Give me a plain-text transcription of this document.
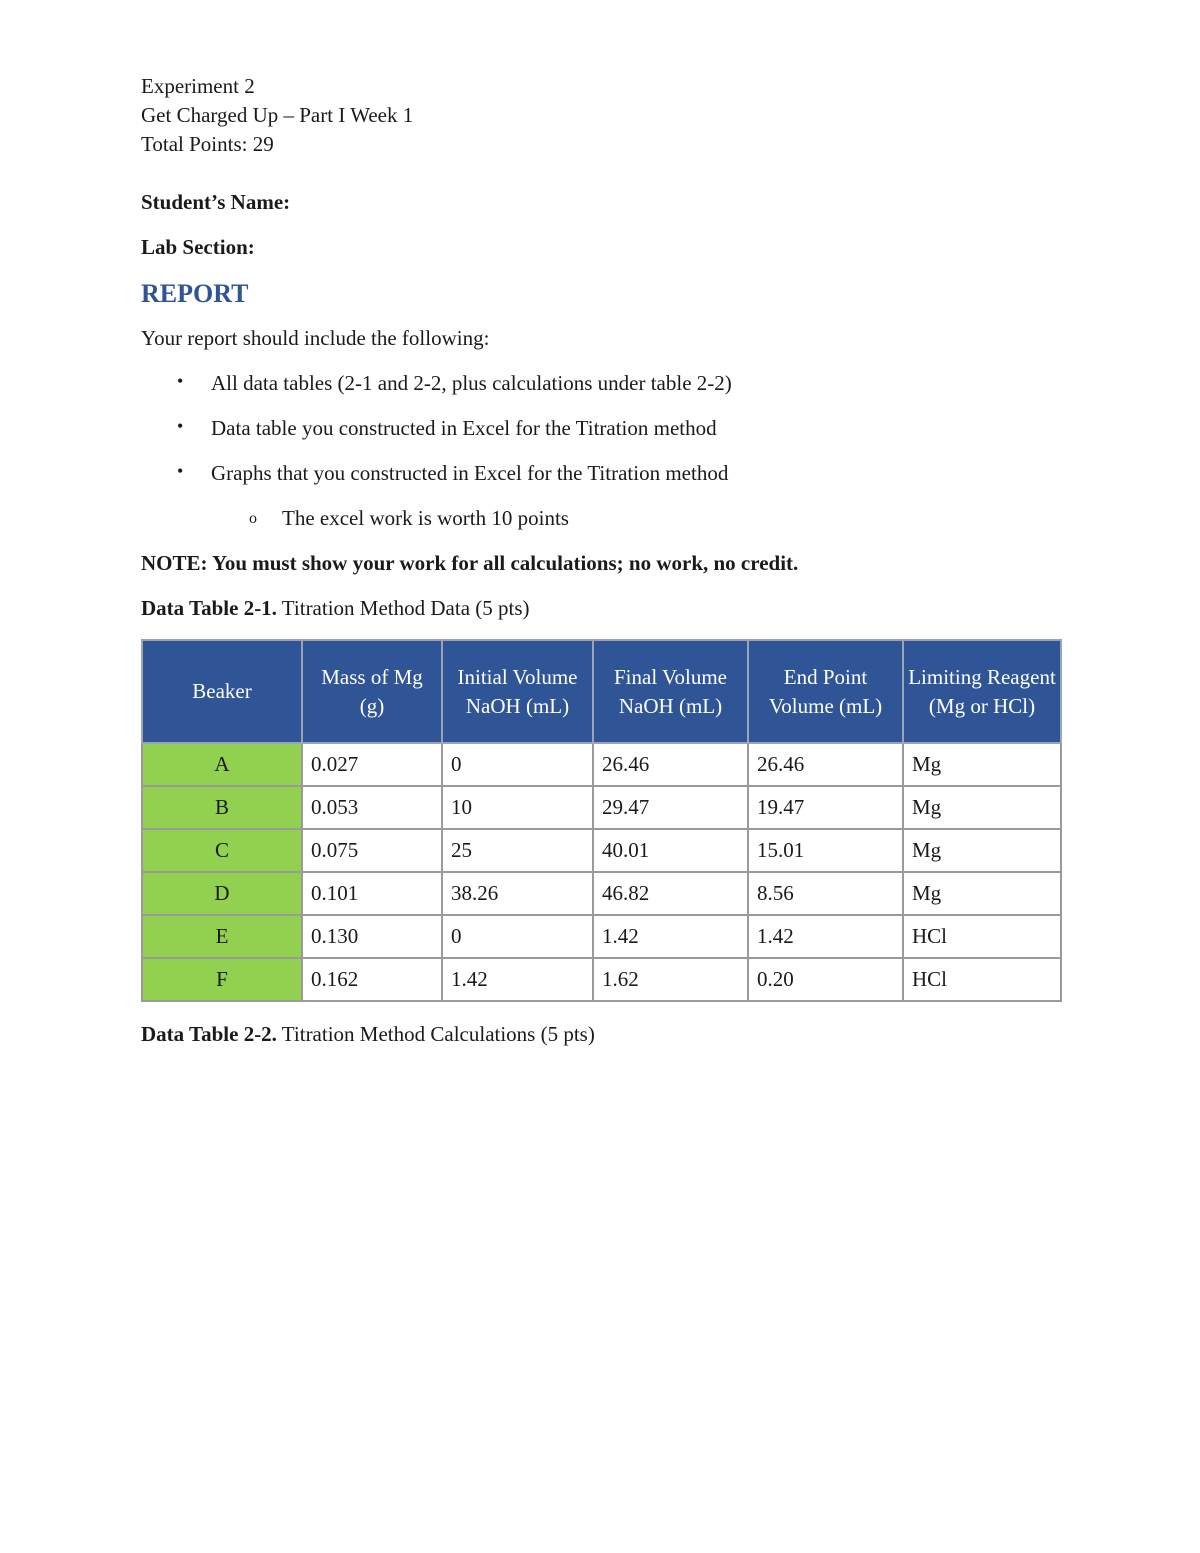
Experiment 2

Get Charged Up – Part I Week 1

Total Points: 29

Student’s Name:

Lab Section:

REPORT

Your report should include the following:

• All data tables (2-1 and 2-2, plus calculations under table 2-2)
• Data table you constructed in Excel for the Titration method
• Graphs that you constructed in Excel for the Titration method
o The excel work is worth 10 points

NOTE: You must show your work for all calculations; no work, no credit.

Data Table 2-1. Titration Method Data (5 pts)

Beaker	Mass of Mg (g)	Initial Volume NaOH (mL)	Final Volume NaOH (mL)	End Point Volume (mL)	Limiting Reagent (Mg or HCl)
A	0.027	0	26.46	26.46	Mg
B	0.053	10	29.47	19.47	Mg
C	0.075	25	40.01	15.01	Mg
D	0.101	38.26	46.82	8.56	Mg
E	0.130	0	1.42	1.42	HCl
F	0.162	1.42	1.62	0.20	HCl

Data Table 2-2. Titration Method Calculations (5 pts)
